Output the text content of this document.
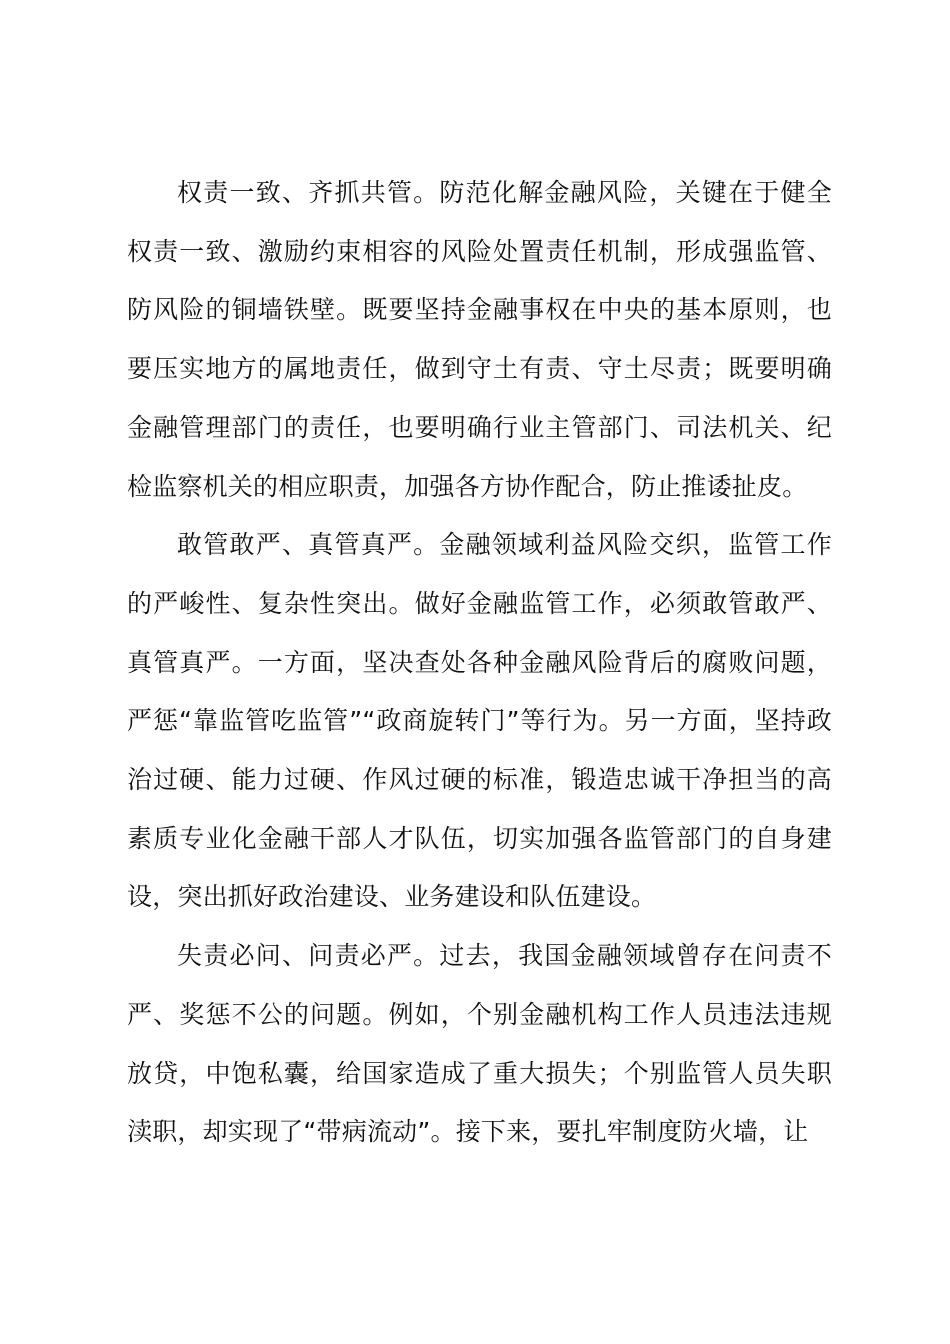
权责一致、齐抓共管。防范化解金融风险，关键在于健全权责一致、激励约束相容的风险处置责任机制，形成强监管、防风险的铜墙铁壁。既要坚持金融事权在中央的基本原则，也要压实地方的属地责任，做到守土有责、守土尽责；既要明确金融管理部门的责任，也要明确行业主管部门、司法机关、纪检监察机关的相应职责，加强各方协作配合，防止推诿扯皮。

敢管敢严、真管真严。金融领域利益风险交织，监管工作的严峻性、复杂性突出。做好金融监管工作，必须敢管敢严、真管真严。一方面，坚决查处各种金融风险背后的腐败问题，严惩“靠监管吃监管”“政商旋转门”等行为。另一方面，坚持政治过硬、能力过硬、作风过硬的标准，锻造忠诚干净担当的高素质专业化金融干部人才队伍，切实加强各监管部门的自身建设，突出抓好政治建设、业务建设和队伍建设。

失责必问、问责必严。过去，我国金融领域曾存在问责不严、奖惩不公的问题。例如，个别金融机构工作人员违法违规放贷，中饱私囊，给国家造成了重大损失；个别监管人员失职渎职，却实现了“带病流动”。接下来，要扎牢制度防火墙，让
